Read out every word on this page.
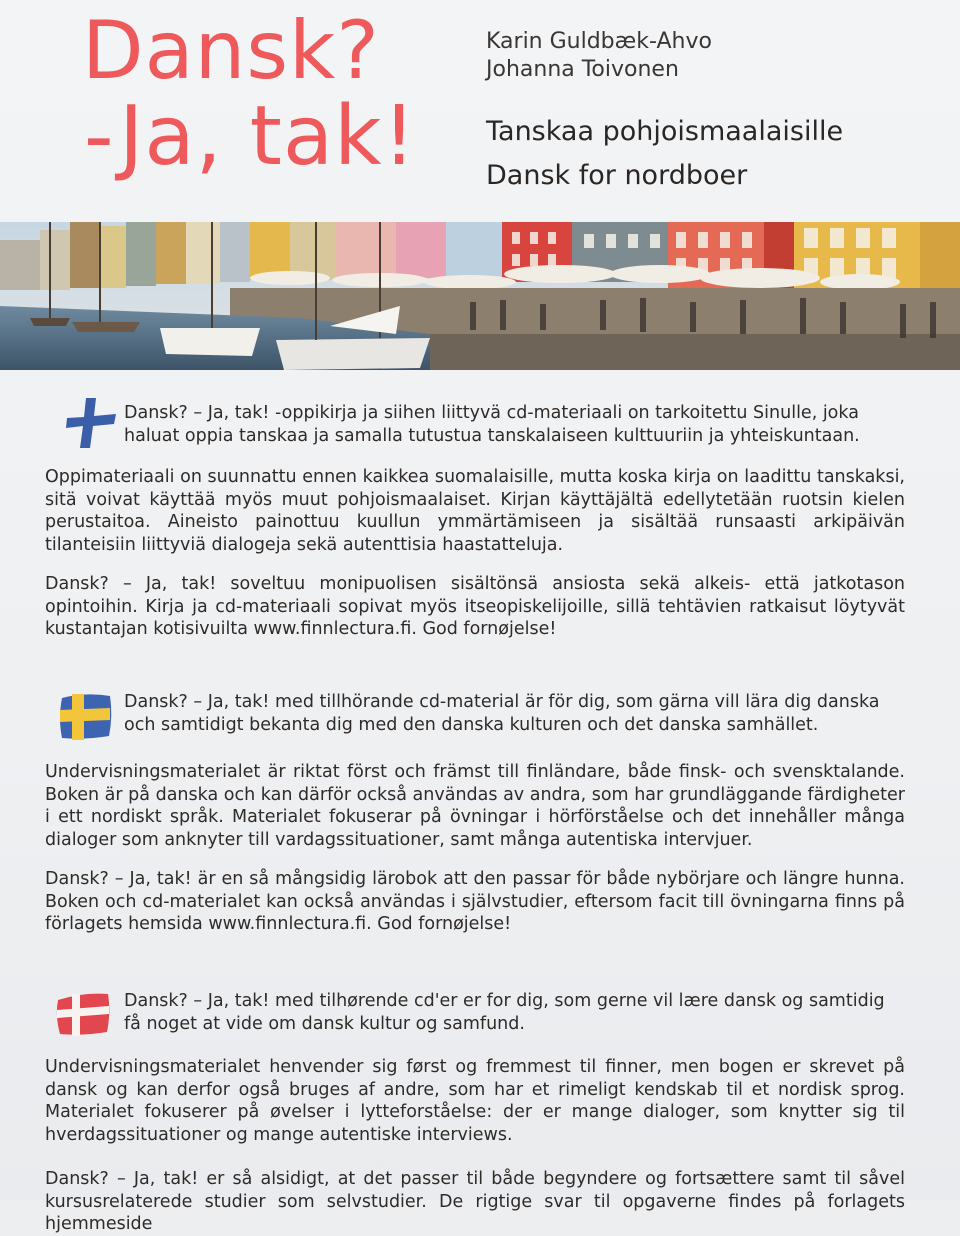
Dansk?
-Ja, tak!
Karin Guldbæk-Ahvo
Johanna Toivonen
Tanskaa pohjoismaalaisille
Dansk for nordboer
Dansk? – Ja, tak! -oppikirja ja siihen liittyvä cd-materiaali on tarkoitettu Sinulle, joka haluat oppia tanskaa ja samalla tutustua tanskalaiseen kulttuuriin ja yhteiskuntaan.
Oppimateriaali on suunnattu ennen kaikkea suomalaisille, mutta koska kirja on laadittu tanskaksi, sitä voivat käyttää myös muut pohjoismaalaiset. Kirjan käyttäjältä edellytetään ruotsin kielen perustaitoa. Aineisto painottuu kuullun ymmärtämiseen ja sisältää runsaasti arkipäivän tilanteisiin liittyviä dialogeja sekä autenttisia haastatteluja.
Dansk? – Ja, tak! soveltuu monipuolisen sisältönsä ansiosta sekä alkeis- että jatkotason opintoihin. Kirja ja cd-materiaali sopivat myös itseopiskelijoille, sillä tehtävien ratkaisut löytyvät kustantajan kotisivuilta www.finnlectura.fi. God fornøjelse!
Dansk? – Ja, tak! med tillhörande cd-material är för dig, som gärna vill lära dig danska och samtidigt bekanta dig med den danska kulturen och det danska samhället.
Undervisningsmaterialet är riktat först och främst till finländare, både finsk- och svensktalande. Boken är på danska och kan därför också användas av andra, som har grundläggande färdigheter i ett nordiskt språk. Materialet fokuserar på övningar i hörförståelse och det innehåller många dialoger som anknyter till vardagssituationer, samt många autentiska intervjuer.
Dansk? – Ja, tak! är en så mångsidig lärobok att den passar för både nybörjare och längre hunna. Boken och cd-materialet kan också användas i självstudier, eftersom facit till övningarna finns på förlagets hemsida www.finnlectura.fi. God fornøjelse!
Dansk? – Ja, tak! med tilhørende cd'er er for dig, som gerne vil lære dansk og samtidig få noget at vide om dansk kultur og samfund.
Undervisningsmaterialet henvender sig først og fremmest til finner, men bogen er skrevet på dansk og kan derfor også bruges af andre, som har et rimeligt kendskab til et nordisk sprog. Materialet fokuserer på øvelser i lytteforståelse: der er mange dialoger, som knytter sig til hverdagssituationer og mange autentiske interviews.
Dansk? – Ja, tak! er så alsidigt, at det passer til både begyndere og fortsættere samt til såvel kursusrelaterede studier som selvstudier. De rigtige svar til opgaverne findes på forlagets hjemmeside
